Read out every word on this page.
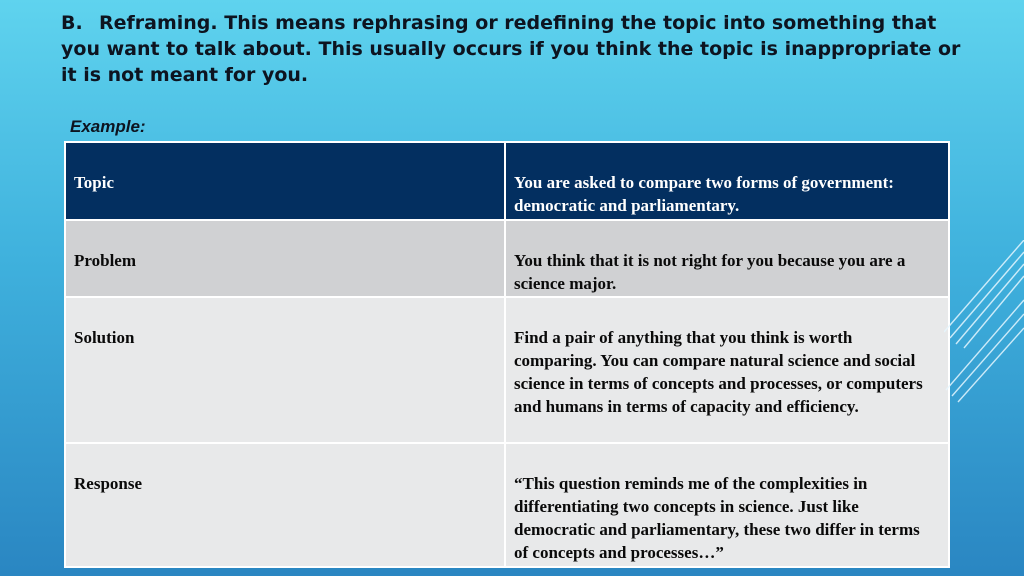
B. Reframing. This means rephrasing or redefining the topic into something that you want to talk about. This usually occurs if you think the topic is inappropriate or it is not meant for you.

Example:
Topic	You are asked to compare two forms of government: democratic and parliamentary.
Problem	You think that it is not right for you because you are a science major.
Solution	Find a pair of anything that you think is worth comparing. You can compare natural science and social science in terms of concepts and processes, or computers and humans in terms of capacity and efficiency.
Response	“This question reminds me of the complexities in differentiating two concepts in science. Just like democratic and parliamentary, these two differ in terms of concepts and processes…”
